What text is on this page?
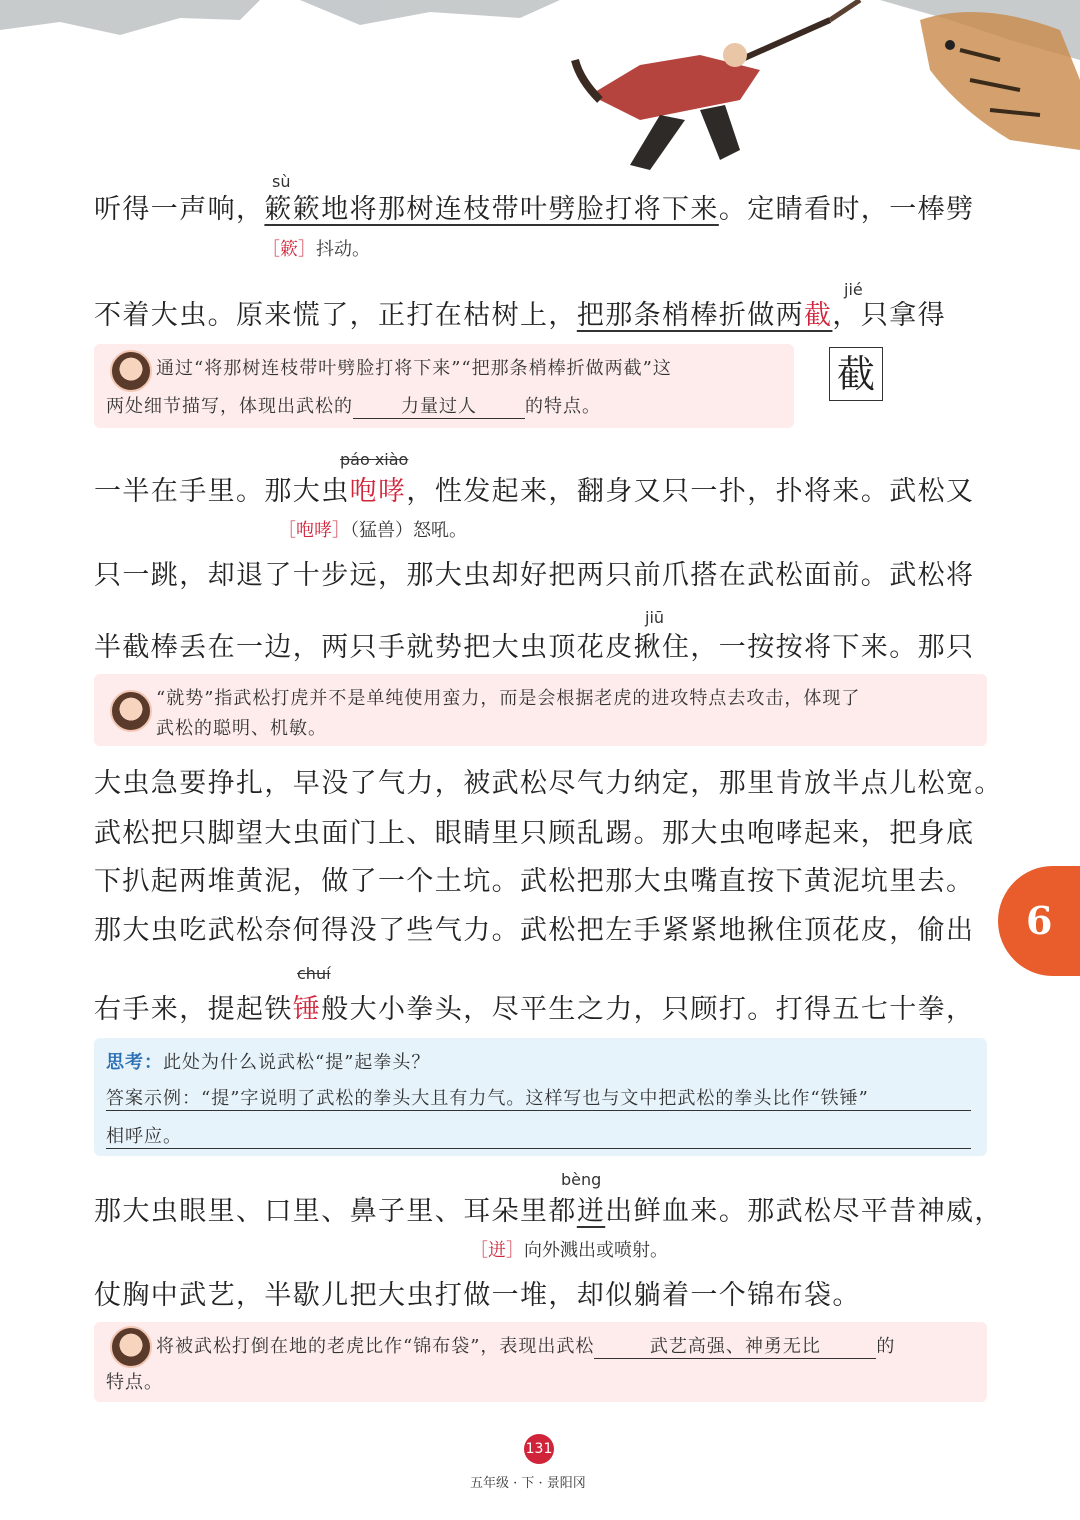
sù
听得一声响，簌簌地将那树连枝带叶劈脸打将下来。定睛看时，一棒劈
［簌］抖动。
jié
不着大虫。原来慌了，正打在枯树上，把那条梢棒折做两截，只拿得
通过“将那树连枝带叶劈脸打将下来”“把那条梢棒折做两截”这
两处细节描写，体现出武松的	力量过人	的特点。
截
páo xiào
一半在手里。那大虫咆哮，性发起来，翻身又只一扑，扑将来。武松又
［咆哮］（猛兽）怒吼。
只一跳，却退了十步远，那大虫却好把两只前爪搭在武松面前。武松将
jiū
半截棒丢在一边，两只手就势把大虫顶花皮揪住，一按按将下来。那只
“就势”指武松打虎并不是单纯使用蛮力，而是会根据老虎的进攻特点去攻击，体现了
武松的聪明、机敏。
大虫急要挣扎，早没了气力，被武松尽气力纳定，那里肯放半点儿松宽。
武松把只脚望大虫面门上、眼睛里只顾乱踢。那大虫咆哮起来，把身底
下扒起两堆黄泥，做了一个土坑。武松把那大虫嘴直按下黄泥坑里去。
那大虫吃武松奈何得没了些气力。武松把左手紧紧地揪住顶花皮，偷出
chuí
右手来，提起铁锤般大小拳头，尽平生之力，只顾打。打得五七十拳，
思考：此处为什么说武松“提”起拳头？
答案示例：“提”字说明了武松的拳头大且有力气。这样写也与文中把武松的拳头比作“铁锤”
相呼应。
bèng
那大虫眼里、口里、鼻子里、耳朵里都迸出鲜血来。那武松尽平昔神威，
［迸］向外溅出或喷射。
仗胸中武艺，半歇儿把大虫打做一堆，却似躺着一个锦布袋。
将被武松打倒在地的老虎比作“锦布袋”，表现出武松	武艺高强、神勇无比	的
特点。
6
131
五年级 · 下 · 景阳冈
